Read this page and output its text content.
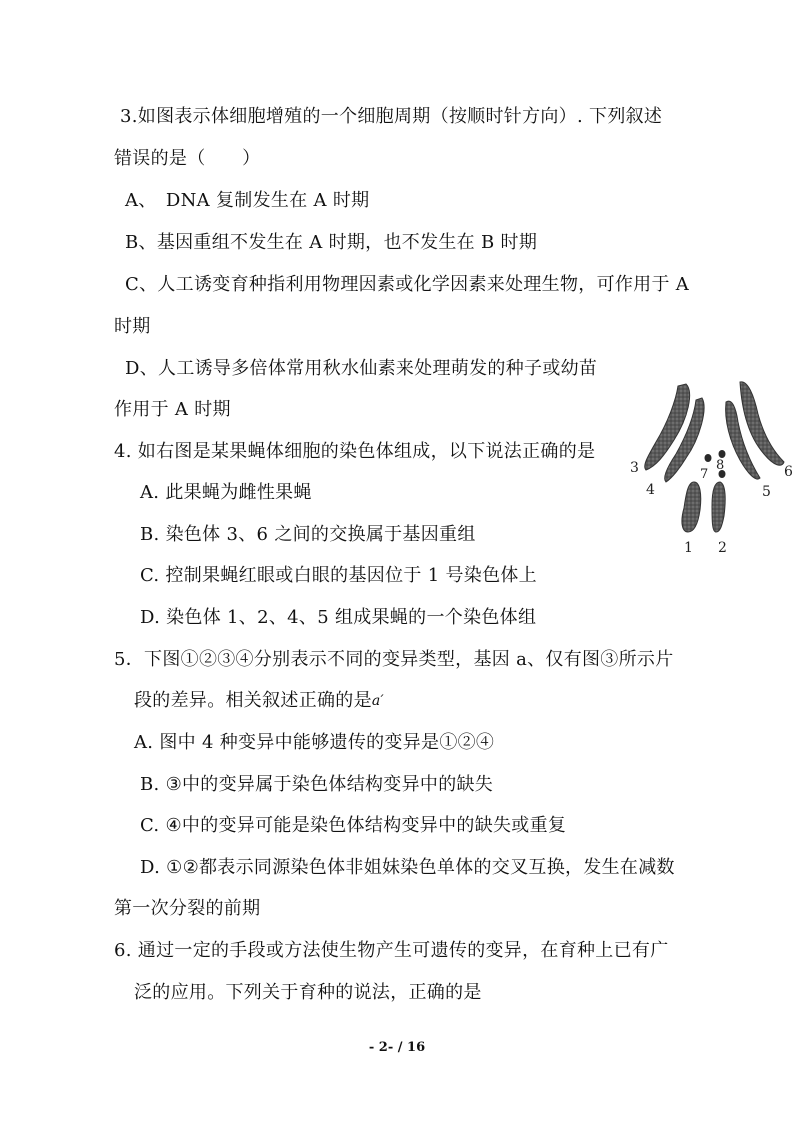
3.如图表示体细胞增殖的一个细胞周期（按顺时针方向）. 下列叙述
错误的是（　　）
A、　DNA 复制发生在 A 时期
B、基因重组不发生在 A 时期，也不发生在 B 时期
C、人工诱变育种指利用物理因素或化学因素来处理生物，可作用于 A
时期
D、人工诱导多倍体常用秋水仙素来处理萌发的种子或幼苗
作用于 A 时期
4. 如右图是某果蝇体细胞的染色体组成，以下说法正确的是
A. 此果蝇为雌性果蝇
B. 染色体 3、6 之间的交换属于基因重组
C. 控制果蝇红眼或白眼的基因位于 1 号染色体上
D. 染色体 1、2、4、5 组成果蝇的一个染色体组
5．下图①②③④分别表示不同的变异类型，基因 a、仅有图③所示片
段的差异。相关叙述正确的是$^{a'}$
A. 图中 4 种变异中能够遗传的变异是①②④
B. ③中的变异属于染色体结构变异中的缺失
C. ④中的变异可能是染色体结构变异中的缺失或重复
D. ①②都表示同源染色体非姐妹染色单体的交叉互换，发生在减数
第一次分裂的前期
6. 通过一定的手段或方法使生物产生可遗传的变异，在育种上已有广
泛的应用。下列关于育种的说法，正确的是
1 2
3
4	5
6
7
8
- 2- / 16
